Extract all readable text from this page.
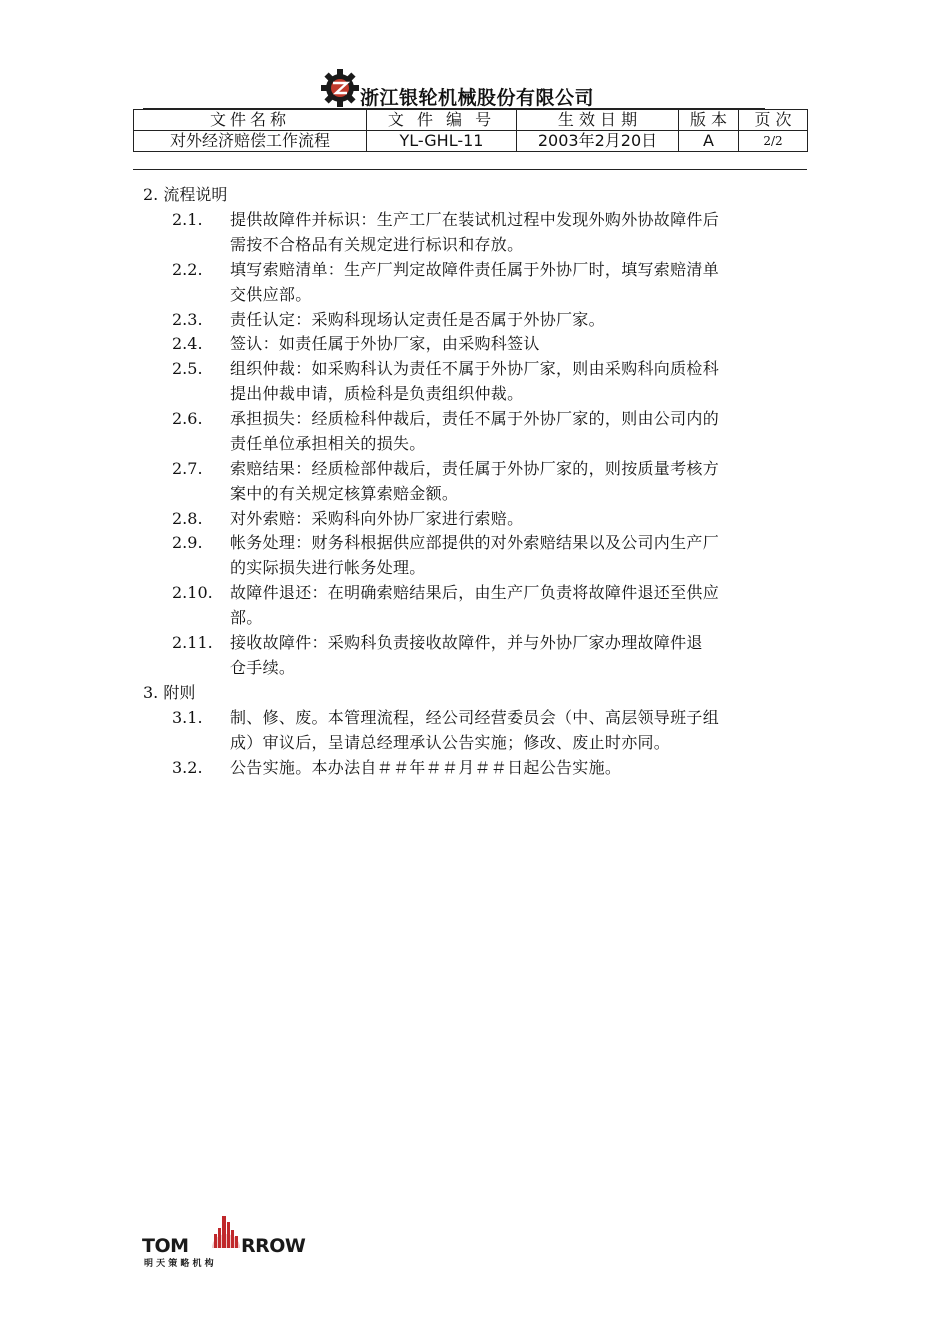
浙江银轮机械股份有限公司
文件名称	文 件 编 号	生 效 日 期	版 本	页 次
对外经济赔偿工作流程	YL-GHL-11	2003年2月20日	A	2/2
2. 流程说明
2.1.	提供故障件并标识：生产工厂在装试机过程中发现外购外协故障件后
需按不合格品有关规定进行标识和存放。
2.2.	填写索赔清单：生产厂判定故障件责任属于外协厂时，填写索赔清单
交供应部。
2.3.	责任认定：采购科现场认定责任是否属于外协厂家。
2.4.	签认：如责任属于外协厂家，由采购科签认
2.5.	组织仲裁：如采购科认为责任不属于外协厂家，则由采购科向质检科
提出仲裁申请，质检科是负责组织仲裁。
2.6.	承担损失：经质检科仲裁后，责任不属于外协厂家的，则由公司内的
责任单位承担相关的损失。
2.7.	索赔结果：经质检部仲裁后，责任属于外协厂家的，则按质量考核方
案中的有关规定核算索赔金额。
2.8.	对外索赔：采购科向外协厂家进行索赔。
2.9.	帐务处理：财务科根据供应部提供的对外索赔结果以及公司内生产厂
的实际损失进行帐务处理。
2.10.	故障件退还：在明确索赔结果后，由生产厂负责将故障件退还至供应
部。
2.11.	接收故障件：采购科负责接收故障件，并与外协厂家办理故障件退
仓手续。
3. 附则
3.1.	制、修、废。本管理流程，经公司经营委员会（中、高层领导班子组
成）审议后，呈请总经理承认公告实施；修改、废止时亦同。
3.2.	公告实施。本办法自＃＃年＃＃月＃＃日起公告实施。
TOM	RROW
明 天 策 略 机 构
